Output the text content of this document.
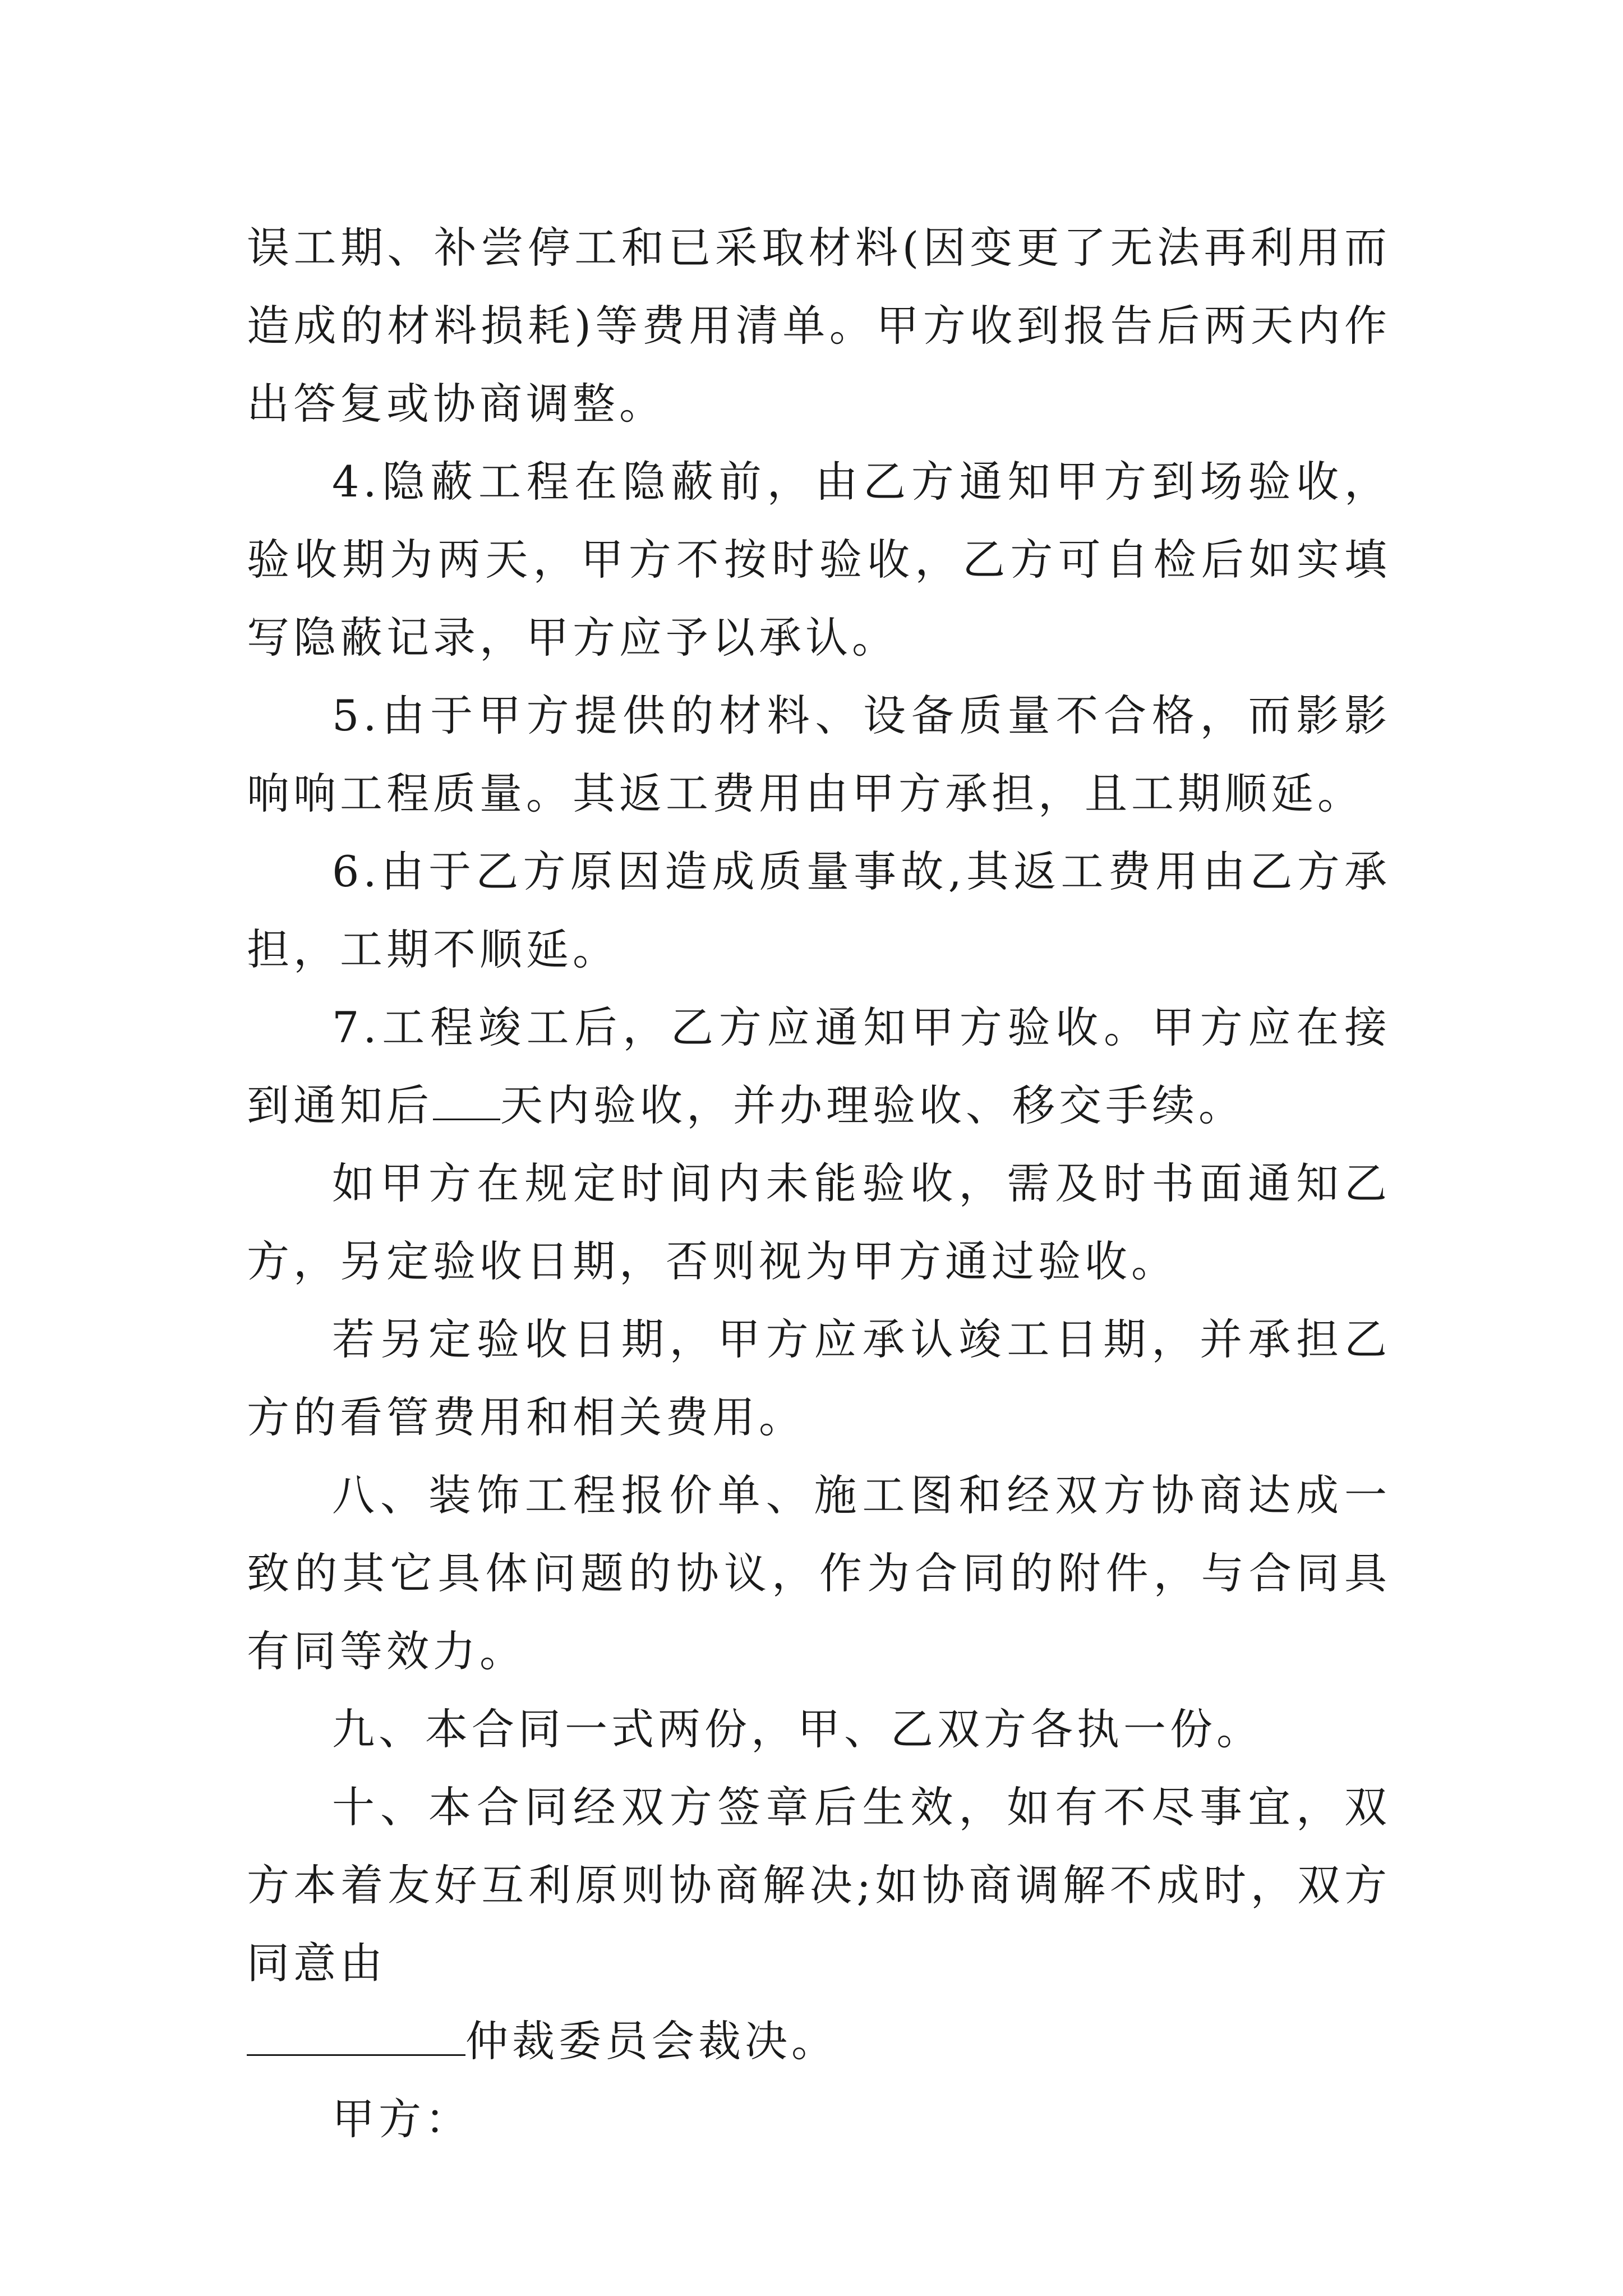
误工期、补尝停工和已采取材料(因变更了无法再利用而造成的材料损耗)等费用清单。甲方收到报告后两天内作出答复或协商调整。

4.隐蔽工程在隐蔽前，由乙方通知甲方到场验收，验收期为两天，甲方不按时验收，乙方可自检后如实填写隐蔽记录，甲方应予以承认。

5.由于甲方提供的材料、设备质量不合格，而影影响响工程质量。其返工费用由甲方承担，且工期顺延。

6.由于乙方原因造成质量事故,其返工费用由乙方承担，工期不顺延。

7.工程竣工后，乙方应通知甲方验收。甲方应在接到通知后 天内验收，并办理验收、移交手续。

如甲方在规定时间内未能验收，需及时书面通知乙方，另定验收日期，否则视为甲方通过验收。

若另定验收日期，甲方应承认竣工日期，并承担乙方的看管费用和相关费用。

八、装饰工程报价单、施工图和经双方协商达成一致的其它具体问题的协议，作为合同的附件，与合同具有同等效力。

九、本合同一式两份，甲、乙双方各执一份。

十、本合同经双方签章后生效，如有不尽事宜，双方本着友好互利原则协商解决;如协商调解不成时，双方同意由

仲裁委员会裁决。

甲方：
